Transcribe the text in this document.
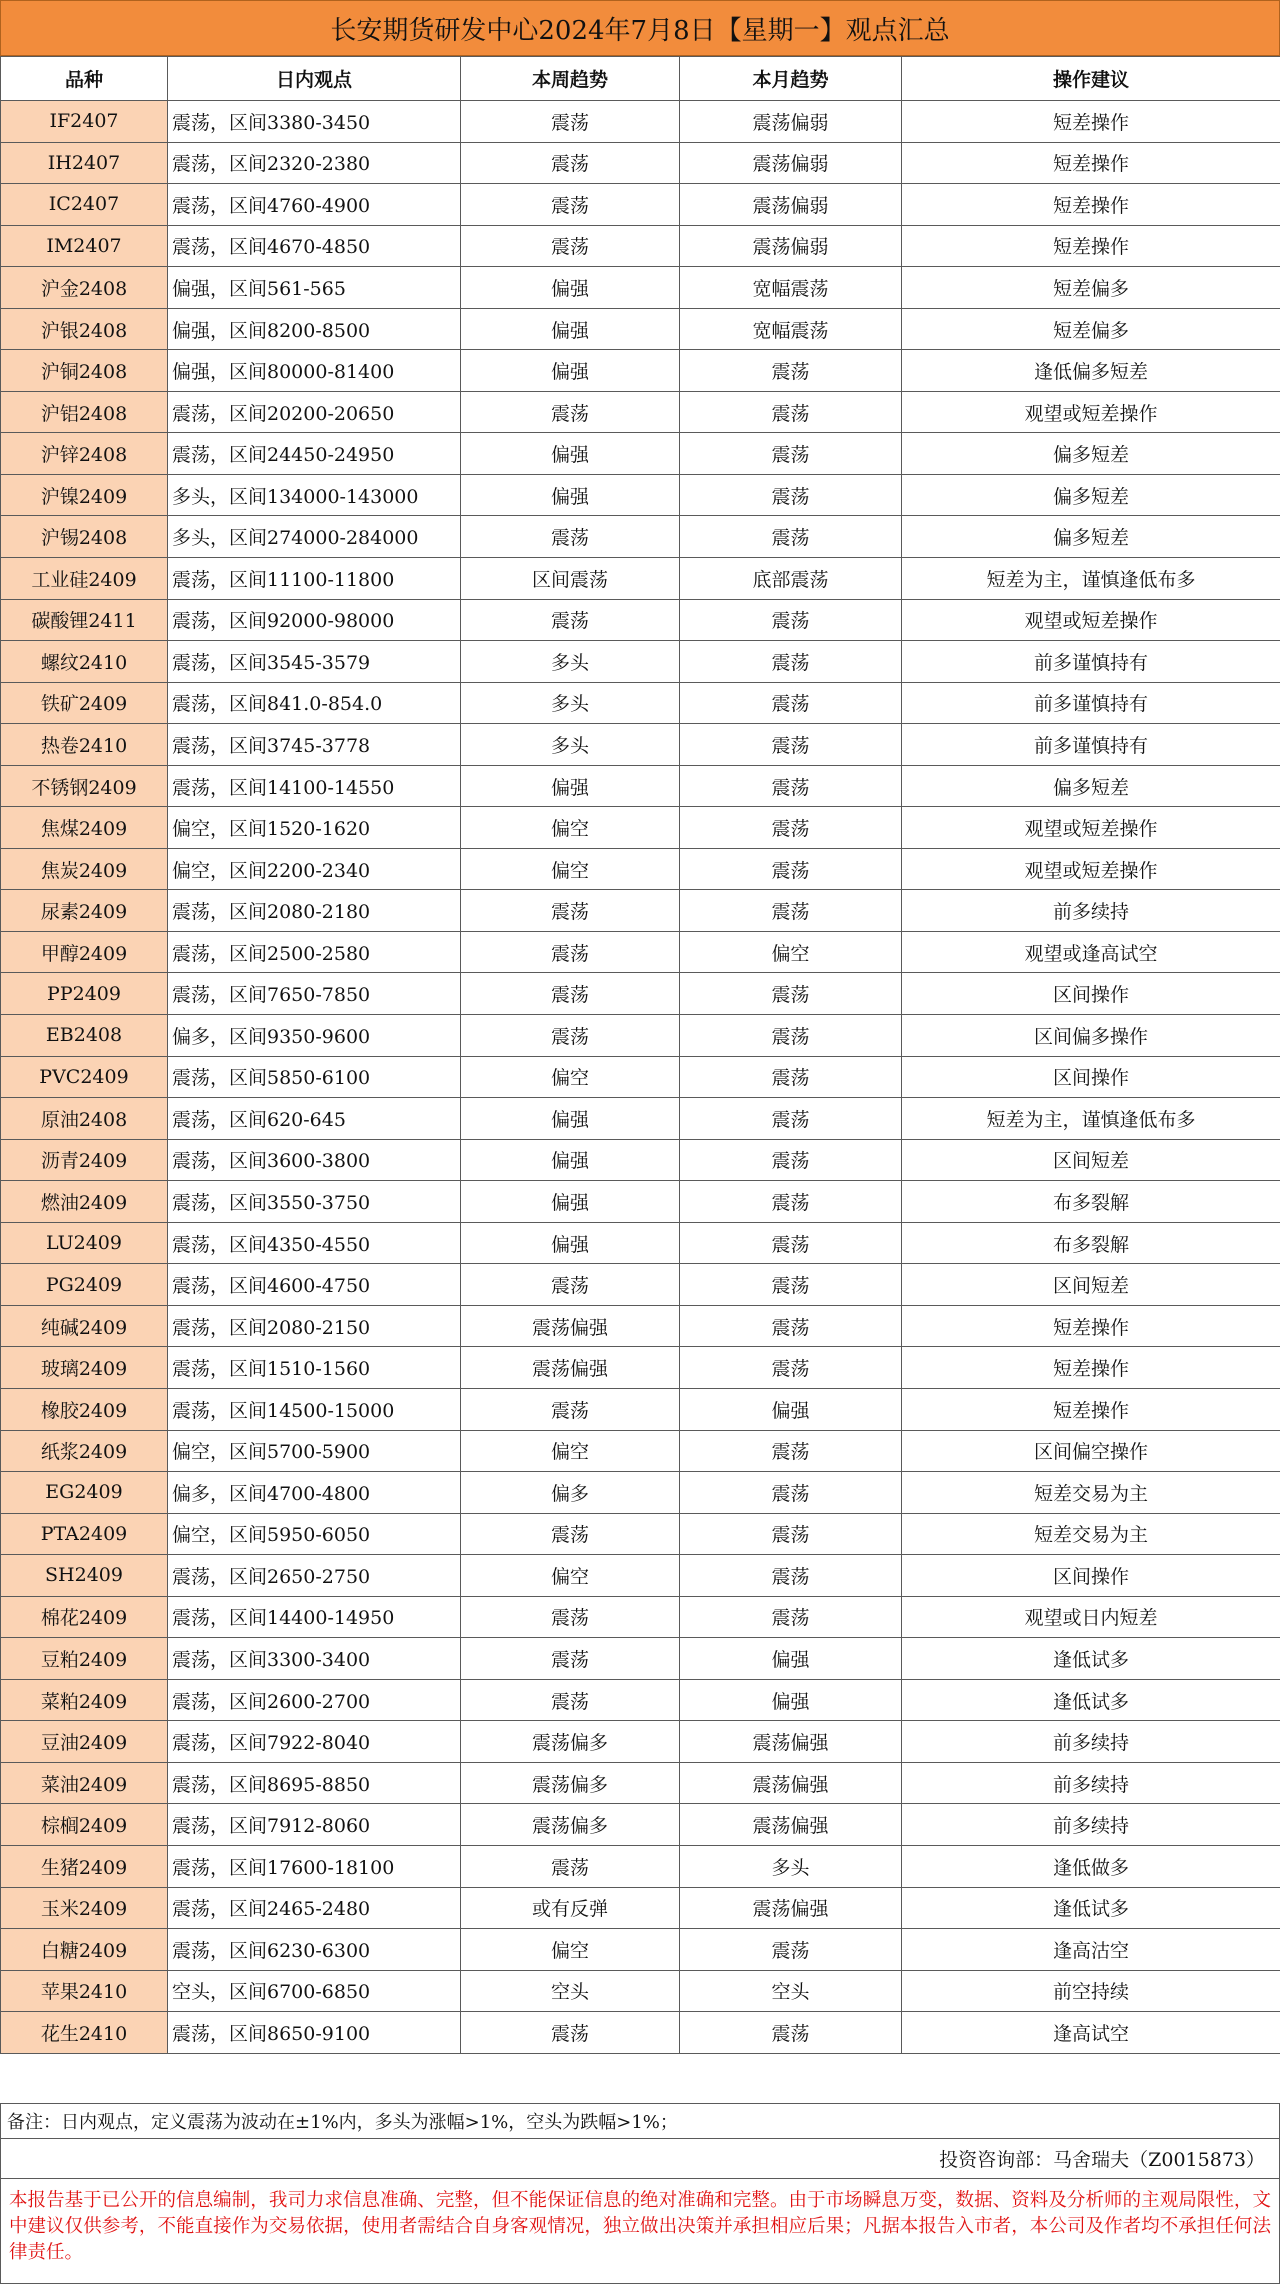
长安期货研发中心2024年7月8日【星期一】观点汇总
品种	日内观点	本周趋势	本月趋势	操作建议
IF2407	震荡，区间3380-3450	震荡	震荡偏弱	短差操作
IH2407	震荡，区间2320-2380	震荡	震荡偏弱	短差操作
IC2407	震荡，区间4760-4900	震荡	震荡偏弱	短差操作
IM2407	震荡，区间4670-4850	震荡	震荡偏弱	短差操作
沪金2408	偏强，区间561-565	偏强	宽幅震荡	短差偏多
沪银2408	偏强，区间8200-8500	偏强	宽幅震荡	短差偏多
沪铜2408	偏强，区间80000-81400	偏强	震荡	逢低偏多短差
沪铝2408	震荡，区间20200-20650	震荡	震荡	观望或短差操作
沪锌2408	震荡，区间24450-24950	偏强	震荡	偏多短差
沪镍2409	多头，区间134000-143000	偏强	震荡	偏多短差
沪锡2408	多头，区间274000-284000	震荡	震荡	偏多短差
工业硅2409	震荡，区间11100-11800	区间震荡	底部震荡	短差为主，谨慎逢低布多
碳酸锂2411	震荡，区间92000-98000	震荡	震荡	观望或短差操作
螺纹2410	震荡，区间3545-3579	多头	震荡	前多谨慎持有
铁矿2409	震荡，区间841.0-854.0	多头	震荡	前多谨慎持有
热卷2410	震荡，区间3745-3778	多头	震荡	前多谨慎持有
不锈钢2409	震荡，区间14100-14550	偏强	震荡	偏多短差
焦煤2409	偏空，区间1520-1620	偏空	震荡	观望或短差操作
焦炭2409	偏空，区间2200-2340	偏空	震荡	观望或短差操作
尿素2409	震荡，区间2080-2180	震荡	震荡	前多续持
甲醇2409	震荡，区间2500-2580	震荡	偏空	观望或逢高试空
PP2409	震荡，区间7650-7850	震荡	震荡	区间操作
EB2408	偏多，区间9350-9600	震荡	震荡	区间偏多操作
PVC2409	震荡，区间5850-6100	偏空	震荡	区间操作
原油2408	震荡，区间620-645	偏强	震荡	短差为主，谨慎逢低布多
沥青2409	震荡，区间3600-3800	偏强	震荡	区间短差
燃油2409	震荡，区间3550-3750	偏强	震荡	布多裂解
LU2409	震荡，区间4350-4550	偏强	震荡	布多裂解
PG2409	震荡，区间4600-4750	震荡	震荡	区间短差
纯碱2409	震荡，区间2080-2150	震荡偏强	震荡	短差操作
玻璃2409	震荡，区间1510-1560	震荡偏强	震荡	短差操作
橡胶2409	震荡，区间14500-15000	震荡	偏强	短差操作
纸浆2409	偏空，区间5700-5900	偏空	震荡	区间偏空操作
EG2409	偏多，区间4700-4800	偏多	震荡	短差交易为主
PTA2409	偏空，区间5950-6050	震荡	震荡	短差交易为主
SH2409	震荡，区间2650-2750	偏空	震荡	区间操作
棉花2409	震荡，区间14400-14950	震荡	震荡	观望或日内短差
豆粕2409	震荡，区间3300-3400	震荡	偏强	逢低试多
菜粕2409	震荡，区间2600-2700	震荡	偏强	逢低试多
豆油2409	震荡，区间7922-8040	震荡偏多	震荡偏强	前多续持
菜油2409	震荡，区间8695-8850	震荡偏多	震荡偏强	前多续持
棕榈2409	震荡，区间7912-8060	震荡偏多	震荡偏强	前多续持
生猪2409	震荡，区间17600-18100	震荡	多头	逢低做多
玉米2409	震荡，区间2465-2480	或有反弹	震荡偏强	逢低试多
白糖2409	震荡，区间6230-6300	偏空	震荡	逢高沽空
苹果2410	空头，区间6700-6850	空头	空头	前空持续
花生2410	震荡，区间8650-9100	震荡	震荡	逢高试空
备注：日内观点，定义震荡为波动在±1%内，多头为涨幅>1%，空头为跌幅>1%；
投资咨询部：马舍瑞夫（Z0015873）
本报告基于已公开的信息编制，我司力求信息准确、完整，但不能保证信息的绝对准确和完整。由于市场瞬息万变，数据、资料及分析师的主观局限性，文中建议仅供参考，不能直接作为交易依据，使用者需结合自身客观情况，独立做出决策并承担相应后果；凡据本报告入市者，本公司及作者均不承担任何法律责任。
